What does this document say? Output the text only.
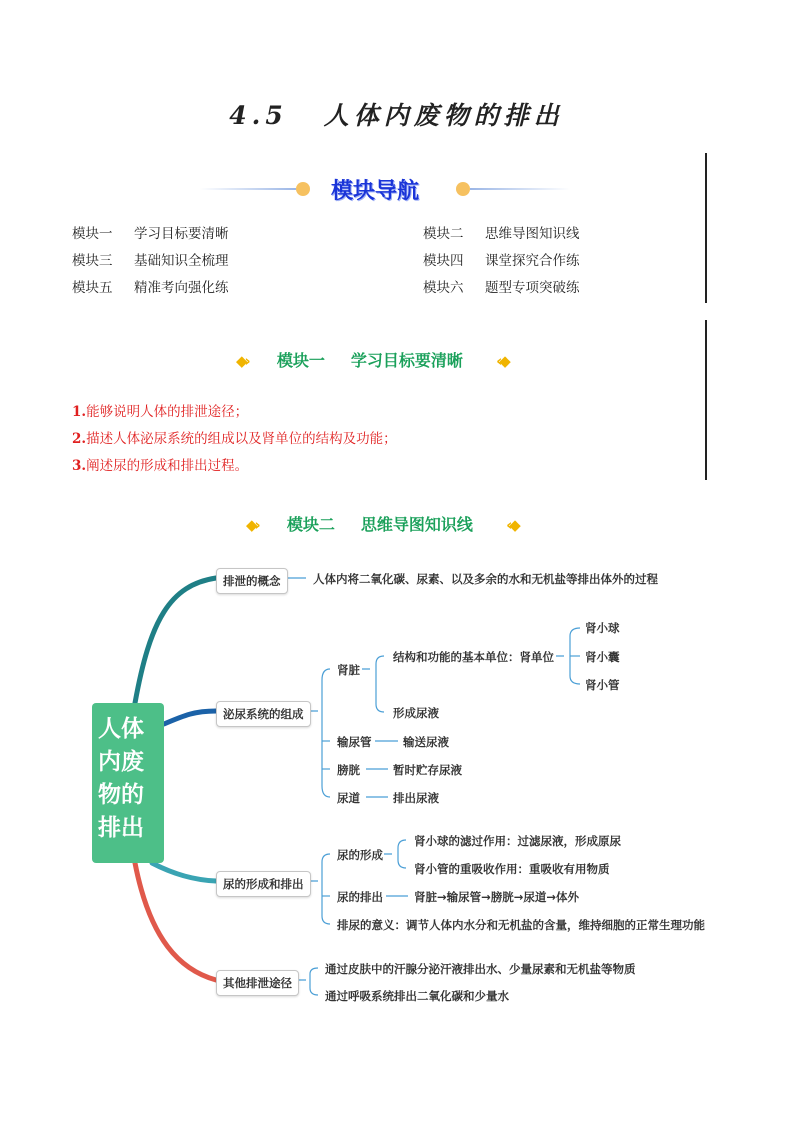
4.5 人体内废物的排出
模块导航
模块一 学习目标要清晰	模块二 思维导图知识线
模块三 基础知识全梳理	模块四 课堂探究合作练
模块五 精准考向强化练	模块六 题型专项突破练
◆› 模块一 学习目标要清晰 ‹◆
1.能够说明人体的排泄途径；
2.描述人体泌尿系统的组成以及肾单位的结构及功能；
3.阐述尿的形成和排出过程。
◆› 模块二 思维导图知识线 ‹◆
人体
内废
物的
排出
排泄的概念	人体内将二氧化碳、尿素、以及多余的水和无机盐等排出体外的过程
泌尿系统的组成
肾脏
结构和功能的基本单位：肾单位
肾小球
肾小囊
肾小管
形成尿液
输尿管	输送尿液
膀胱	暂时贮存尿液
尿道	排出尿液
尿的形成和排出
尿的形成
肾小球的滤过作用：过滤尿液，形成原尿
肾小管的重吸收作用：重吸收有用物质
尿的排出	肾脏→输尿管→膀胱→尿道→体外
排尿的意义：调节人体内水分和无机盐的含量，维持细胞的正常生理功能
其他排泄途径
通过皮肤中的汗腺分泌汗液排出水、少量尿素和无机盐等物质
通过呼吸系统排出二氧化碳和少量水
